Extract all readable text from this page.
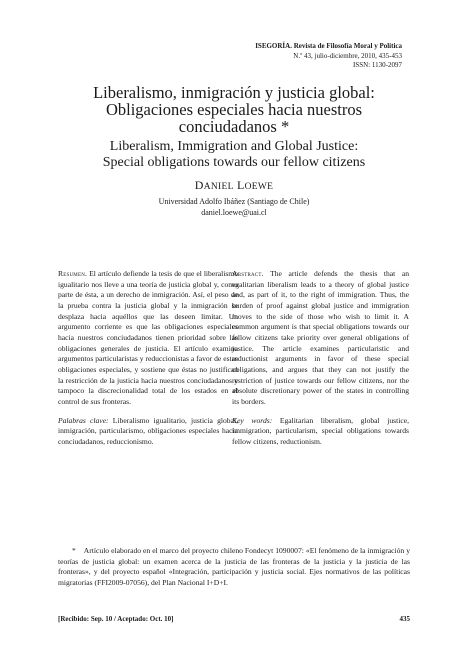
ISEGORÍA. Revista de Filosofía Moral y Política
N.º 43, julio-diciembre, 2010, 435-453
ISSN: 1130-2097
Liberalismo, inmigración y justicia global:
Obligaciones especiales hacia nuestros
conciudadanos *
Liberalism, Immigration and Global Justice:
Special obligations towards our fellow citizens
DANIEL LOEWE
Universidad Adolfo Ibáñez (Santiago de Chile)
daniel.loewe@uai.cl

Resumen. El artículo defiende la tesis de que el liberalismo igualitario nos lleve a una teoría de justicia global y, como parte de ésta, a un derecho de inmigración. Así, el peso de la prueba contra la justicia global y la inmigración se desplaza hacia aquéllos que las deseen limitar. Un argumento corriente es que las obligaciones especiales hacia nuestros conciudadanos tienen prioridad sobre las obligaciones generales de justicia. El artículo examina argumentos particularistas y reduccionistas a favor de estas obligaciones especiales, y sostiene que éstas no justifican la restricción de la justicia hacia nuestros conciudadanos y tampoco la discrecionalidad total de los estados en el control de sus fronteras.

Palabras clave: Liberalismo igualitario, justicia global, inmigración, particularismo, obligaciones especiales hacia conciudadanos, reduccionismo.

Abstract. The article defends the thesis that an egalitarian liberalism leads to a theory of global justice and, as part of it, to the right of immigration. Thus, the burden of proof against global justice and immigration moves to the side of those who wish to limit it. A common argument is that special obligations towards our fellow citizens take priority over general obligations of justice. The article examines particularistic and reductionist arguments in favor of these special obligations, and argues that they can not justify the restriction of justice towards our fellow citizens, nor the absolute discretionary power of the states in controlling its borders.

Key words: Egalitarian liberalism, global justice, immigration, particularism, special obligations towards fellow citizens, reductionism.

* Artículo elaborado en el marco del proyecto chileno Fondecyt 1090007: «El fenómeno de la inmigración y teorías de justicia global: un examen acerca de la justicia de las fronteras de la justicia y la justicia de las fronteras», y del proyecto español «Integración, participación y justicia social. Ejes normativos de las políticas migratorias (FFI2009-07056), del Plan Nacional I+D+I.
[Recibido: Sep. 10 / Aceptado: Oct. 10]	435
